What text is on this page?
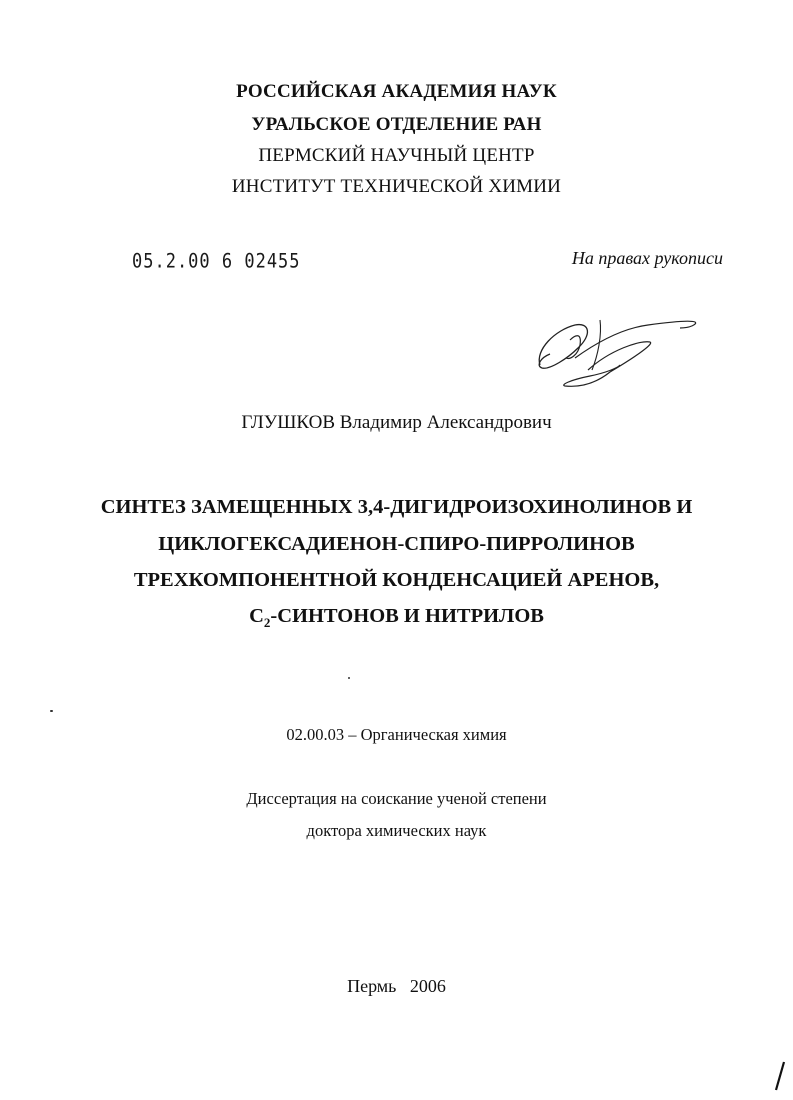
РОССИЙСКАЯ АКАДЕМИЯ НАУК
УРАЛЬСКОЕ ОТДЕЛЕНИЕ РАН
ПЕРМСКИЙ НАУЧНЫЙ ЦЕНТР
ИНСТИТУТ ТЕХНИЧЕСКОЙ ХИМИИ
05.2.00 6 02455	На правах рукописи
ГЛУШКОВ Владимир Александрович
СИНТЕЗ ЗАМЕЩЕННЫХ 3,4-ДИГИДРОИЗОХИНОЛИНОВ И
ЦИКЛОГЕКСАДИЕНОН-СПИРО-ПИРРОЛИНОВ
ТРЕХКОМПОНЕНТНОЙ КОНДЕНСАЦИЕЙ АРЕНОВ,
$C_2$-СИНТОНОВ И НИТРИЛОВ
02.00.03 – Органическая химия
Диссертация на соискание ученой степени
доктора химических наук
Пермь   2006
